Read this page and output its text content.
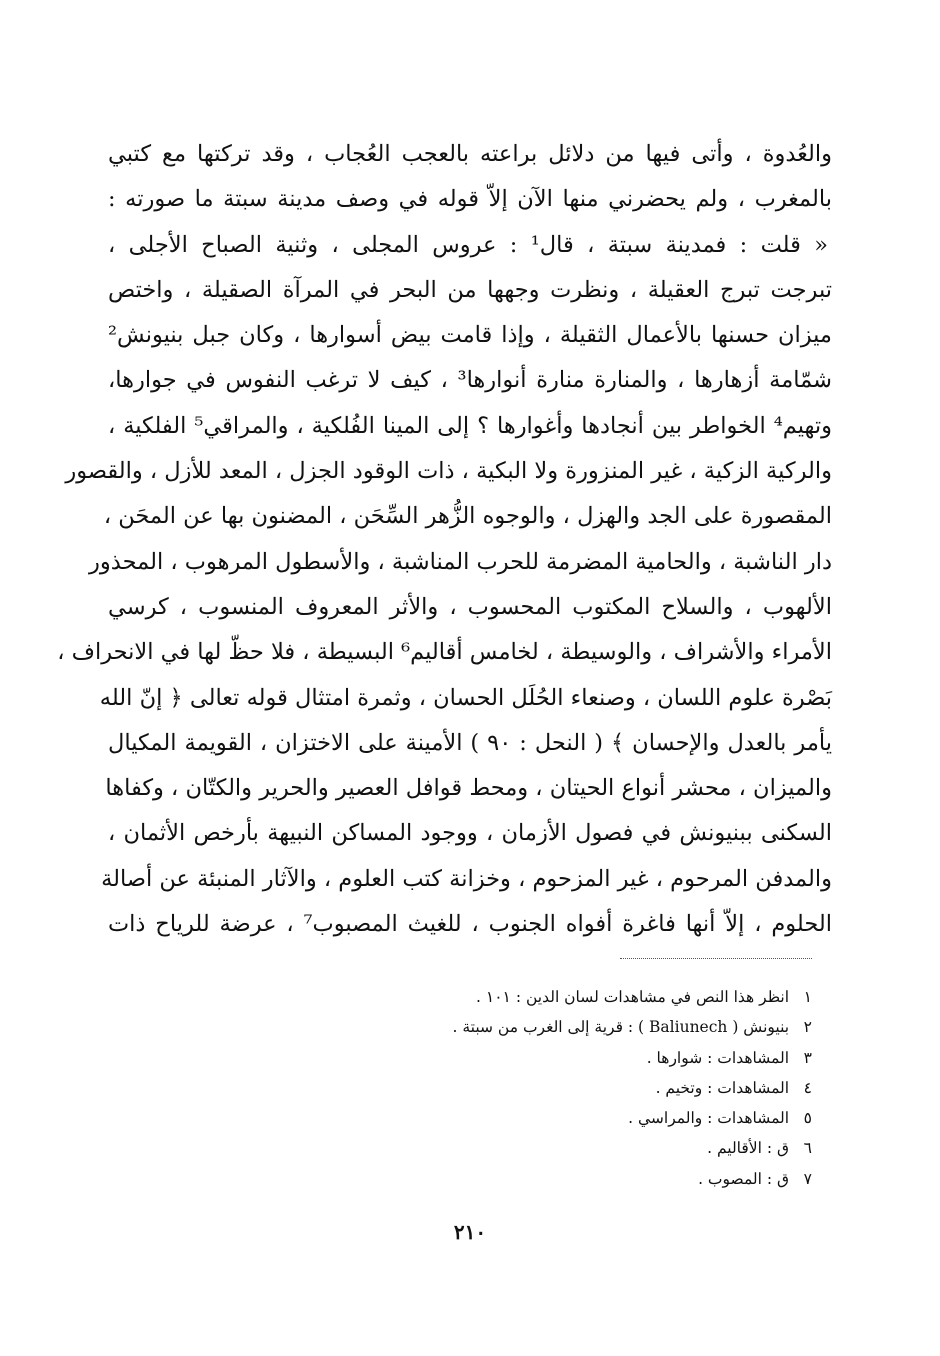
والعُدوة ، وأتى فيها من دلائل براعته بالعجب العُجاب ، وقد تركتها مع كتبي
بالمغرب ، ولم يحضرني منها الآن إلاّ قوله في وصف مدينة سبتة ما صورته :
« قلت : فمدينة سبتة ، قال¹ : عروس المجلى ، وثنية الصباح الأجلى ،
تبرجت تبرج العقيلة ، ونظرت وجهها من البحر في المرآة الصقيلة ، واختص
ميزان حسنها بالأعمال الثقيلة ، وإذا قامت بيض أسوارها ، وكان جبل بنيونش²
شمّامة أزهارها ، والمنارة منارة أنوارها³ ، كيف لا ترغب النفوس في جوارها،
وتهيم⁴ الخواطر بين أنجادها وأغوارها ؟ إلى المينا الفُلكية ، والمراقي⁵ الفلكية ،
والركية الزكية ، غير المنزورة ولا البكية ، ذات الوقود الجزل ، المعد للأزل ، والقصور
المقصورة على الجد والهزل ، والوجوه الزُّهر السِّحَن ، المضنون بها عن المحَن ،
دار الناشبة ، والحامية المضرمة للحرب المناشبة ، والأسطول المرهوب ، المحذور
الألهوب ، والسلاح المكتوب المحسوب ، والأثر المعروف المنسوب ، كرسي
الأمراء والأشراف ، والوسيطة ، لخامس أقاليم⁶ البسيطة ، فلا حظّ لها في الانحراف ،
بَصْرة علوم اللسان ، وصنعاء الحُلَل الحسان ، وثمرة امتثال قوله تعالى ﴿ إنّ الله
يأمر بالعدل والإحسان ﴾ ( النحل : ٩٠ ) الأمينة على الاختزان ، القويمة المكيال
والميزان ، محشر أنواع الحيتان ، ومحط قوافل العصير والحرير والكتّان ، وكفاها
السكنى ببنيونش في فصول الأزمان ، ووجود المساكن النبيهة بأرخص الأثمان ،
والمدفن المرحوم ، غير المزحوم ، وخزانة كتب العلوم ، والآثار المنبئة عن أصالة
الحلوم ، إلاّ أنها فاغرة أفواه الجنوب ، للغيث المصبوب⁷ ، عرضة للرياح ذات
١ انظر هذا النص في مشاهدات لسان الدين : ١٠١ .
٢ بنيونش ( Baliunech ) : قرية إلى الغرب من سبتة .
٣ المشاهدات : شوارها .
٤ المشاهدات : وتخيم .
٥ المشاهدات : والمراسي .
٦ ق : الأقاليم .
٧ ق : المصوب .
٢١٠
